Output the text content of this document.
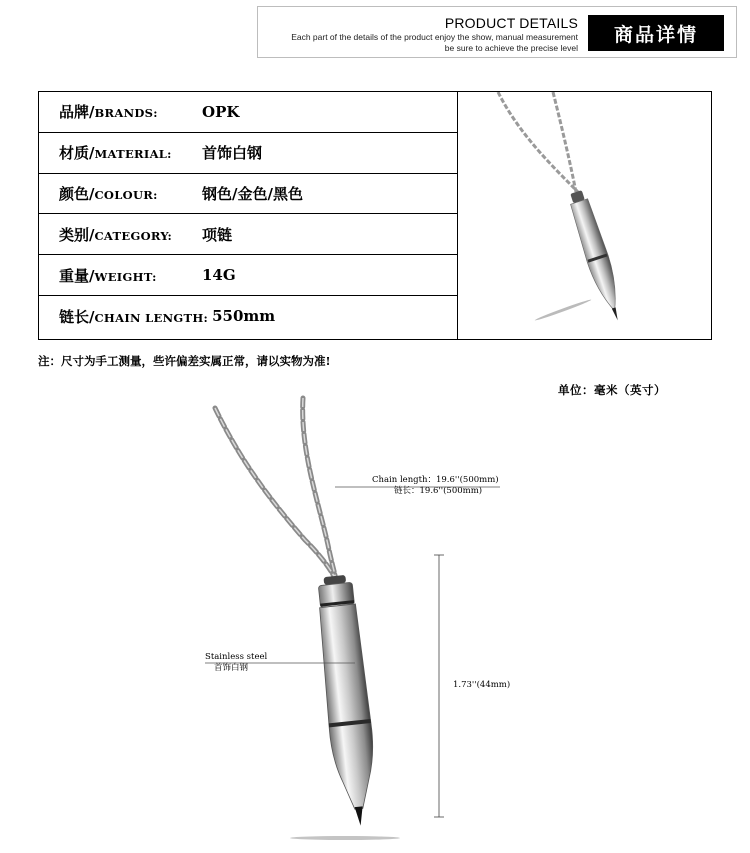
PRODUCT DETAILS
Each part of the details of the product enjoy the show, manual measurement
be sure to achieve the precise level
商品详情
品牌/BRANDS:	OPK
材质/MATERIAL:	首饰白钢
颜色/COLOUR:	钢色/金色/黑色
类别/CATEGORY:	项链
重量/WEIGHT:	14G
链长/CHAIN LENGTH: 550mm
注：尺寸为手工测量，些许偏差实属正常，请以实物为准!
单位：毫米（英寸）
Chain length：19.6''(500mm)
链长：19.6''(500mm)
Stainless steel
首饰白钢
1.73''(44mm)
